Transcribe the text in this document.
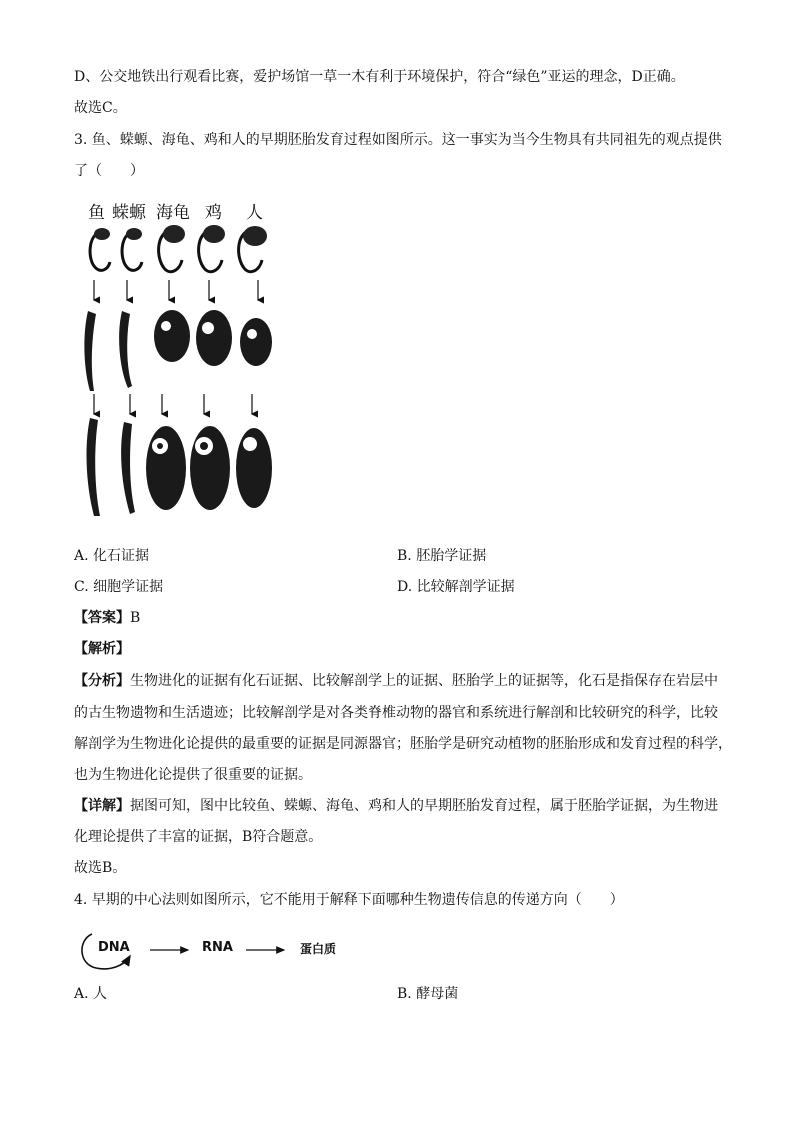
D、公交地铁出行观看比赛，爱护场馆一草一木有利于环境保护，符合“绿色”亚运的理念，D正确。
故选C。
3. 鱼、蝾螈、海龟、鸡和人的早期胚胎发育过程如图所示。这一事实为当今生物具有共同祖先的观点提供
了（　　）
鱼 蝾螈 海龟 鸡 人
A. 化石证据	B. 胚胎学证据
C. 细胞学证据	D. 比较解剖学证据
【答案】B
【解析】
【分析】生物进化的证据有化石证据、比较解剖学上的证据、胚胎学上的证据等，化石是指保存在岩层中
的古生物遗物和生活遗迹；比较解剖学是对各类脊椎动物的器官和系统进行解剖和比较研究的科学，比较
解剖学为生物进化论提供的最重要的证据是同源器官；胚胎学是研究动植物的胚胎形成和发育过程的科学，
也为生物进化论提供了很重要的证据。
【详解】据图可知，图中比较鱼、蝾螈、海龟、鸡和人的早期胚胎发育过程，属于胚胎学证据，为生物进
化理论提供了丰富的证据，B符合题意。
故选B。
4. 早期的中心法则如图所示，它不能用于解释下面哪种生物遗传信息的传递方向（　　）
DNA	RNA	蛋白质
A. 人	B. 酵母菌
